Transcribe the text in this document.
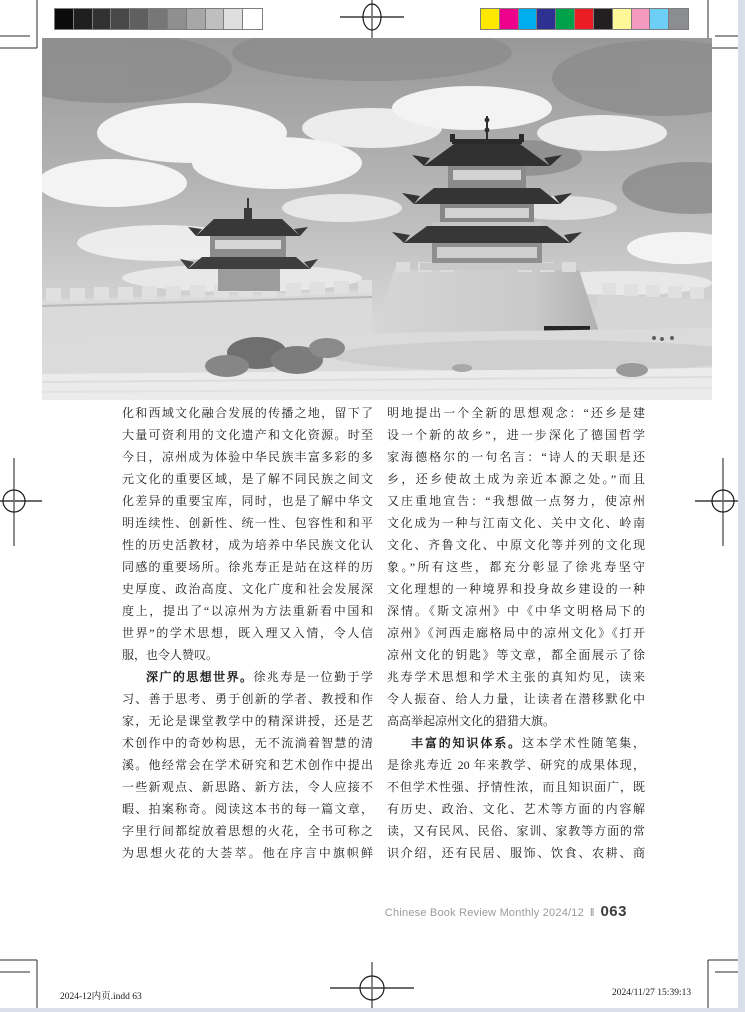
化和西域文化融合发展的传播之地，留下了
大量可资利用的文化遗产和文化资源。时至
今日，凉州成为体验中华民族丰富多彩的多
元文化的重要区域，是了解不同民族之间文
化差异的重要宝库，同时，也是了解中华文
明连续性、创新性、统一性、包容性和和平
性的历史活教材，成为培养中华民族文化认
同感的重要场所。徐兆寿正是站在这样的历
史厚度、政治高度、文化广度和社会发展深
度上，提出了“以凉州为方法重新看中国和
世界”的学术思想，既入理又入情，令人信
服，也令人赞叹。
深广的思想世界。徐兆寿是一位勤于学
习、善于思考、勇于创新的学者、教授和作
家，无论是课堂教学中的精深讲授，还是艺
术创作中的奇妙构思，无不流淌着智慧的清
溪。他经常会在学术研究和艺术创作中提出
一些新观点、新思路、新方法，令人应接不
暇、拍案称奇。阅读这本书的每一篇文章，
字里行间都绽放着思想的火花，全书可称之
为思想火花的大荟萃。他在序言中旗帜鲜
明地提出一个全新的思想观念：“还乡是建
设一个新的故乡”，进一步深化了德国哲学
家海德格尔的一句名言：“诗人的天职是还
乡，还乡使故土成为亲近本源之处。”而且
又庄重地宣告：“我想做一点努力，使凉州
文化成为一种与江南文化、关中文化、岭南
文化、齐鲁文化、中原文化等并列的文化现
象。”所有这些，都充分彰显了徐兆寿坚守
文化理想的一种境界和投身故乡建设的一种
深情。《斯文凉州》中《中华文明格局下的
凉州》《河西走廊格局中的凉州文化》《打开
凉州文化的钥匙》等文章，都全面展示了徐
兆寿学术思想和学术主张的真知灼见，读来
令人振奋、给人力量，让读者在潜移默化中
高高举起凉州文化的猎猎大旗。
丰富的知识体系。这本学术性随笔集，
是徐兆寿近 20 年来教学、研究的成果体现，
不但学术性强、抒情性浓，而且知识面广，既
有历史、政治、文化、艺术等方面的内容解
读，又有民风、民俗、家训、家教等方面的常
识介绍，还有民居、服饰、饮食、农耕、商
Chinese Book Review Monthly 2024/12 ‖ 063
2024-12内页.indd 63	2024/11/27 15:39:13
